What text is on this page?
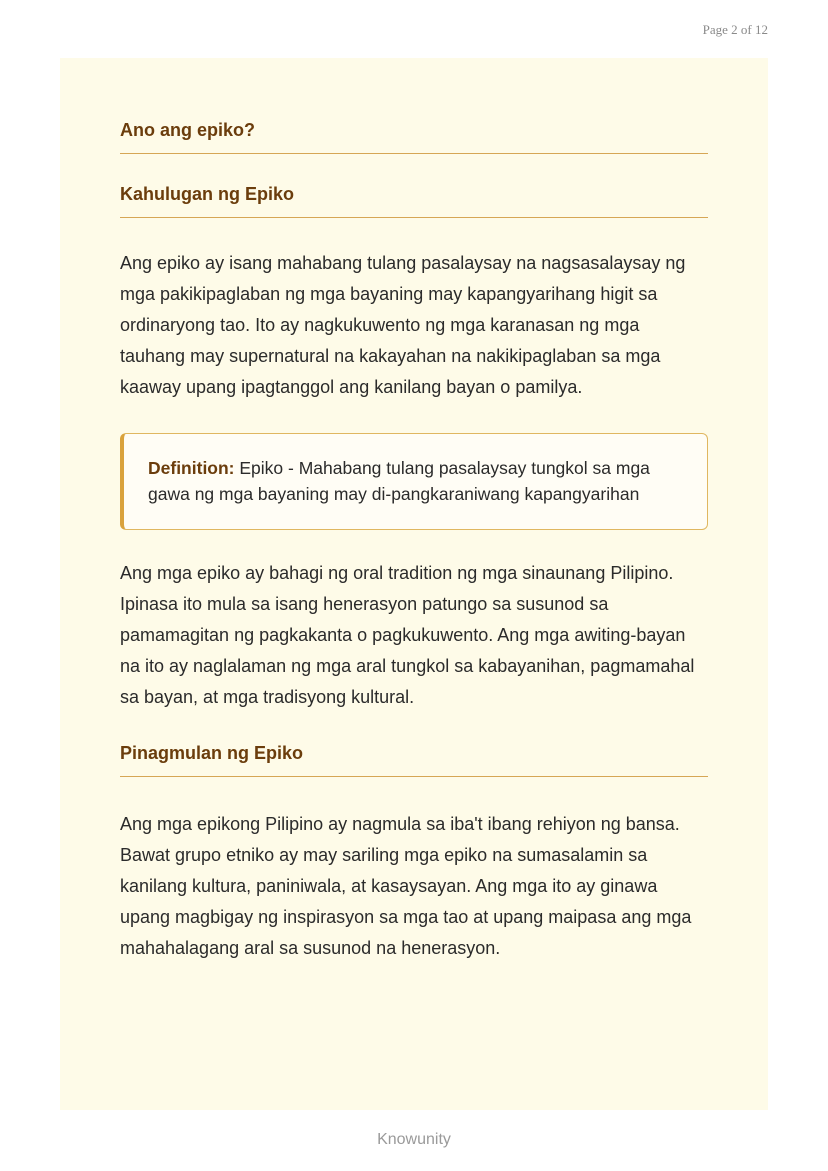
Page 2 of 12
Ano ang epiko?
Kahulugan ng Epiko

Ang epiko ay isang mahabang tulang pasalaysay na nagsasalaysay ng mga pakikipaglaban ng mga bayaning may kapangyarihang higit sa ordinaryong tao. Ito ay nagkukuwento ng mga karanasan ng mga tauhang may supernatural na kakayahan na nakikipaglaban sa mga kaaway upang ipagtanggol ang kanilang bayan o pamilya.

Definition: Epiko - Mahabang tulang pasalaysay tungkol sa mga gawa ng mga bayaning may di-pangkaraniwang kapangyarihan

Ang mga epiko ay bahagi ng oral tradition ng mga sinaunang Pilipino. Ipinasa ito mula sa isang henerasyon patungo sa susunod sa pamamagitan ng pagkakanta o pagkukuwento. Ang mga awiting-bayan na ito ay naglalaman ng mga aral tungkol sa kabayanihan, pagmamahal sa bayan, at mga tradisyong kultural.

Pinagmulan ng Epiko

Ang mga epikong Pilipino ay nagmula sa iba't ibang rehiyon ng bansa. Bawat grupo etniko ay may sariling mga epiko na sumasalamin sa kanilang kultura, paniniwala, at kasaysayan. Ang mga ito ay ginawa upang magbigay ng inspirasyon sa mga tao at upang maipasa ang mga mahahalagang aral sa susunod na henerasyon.

Knowunity
